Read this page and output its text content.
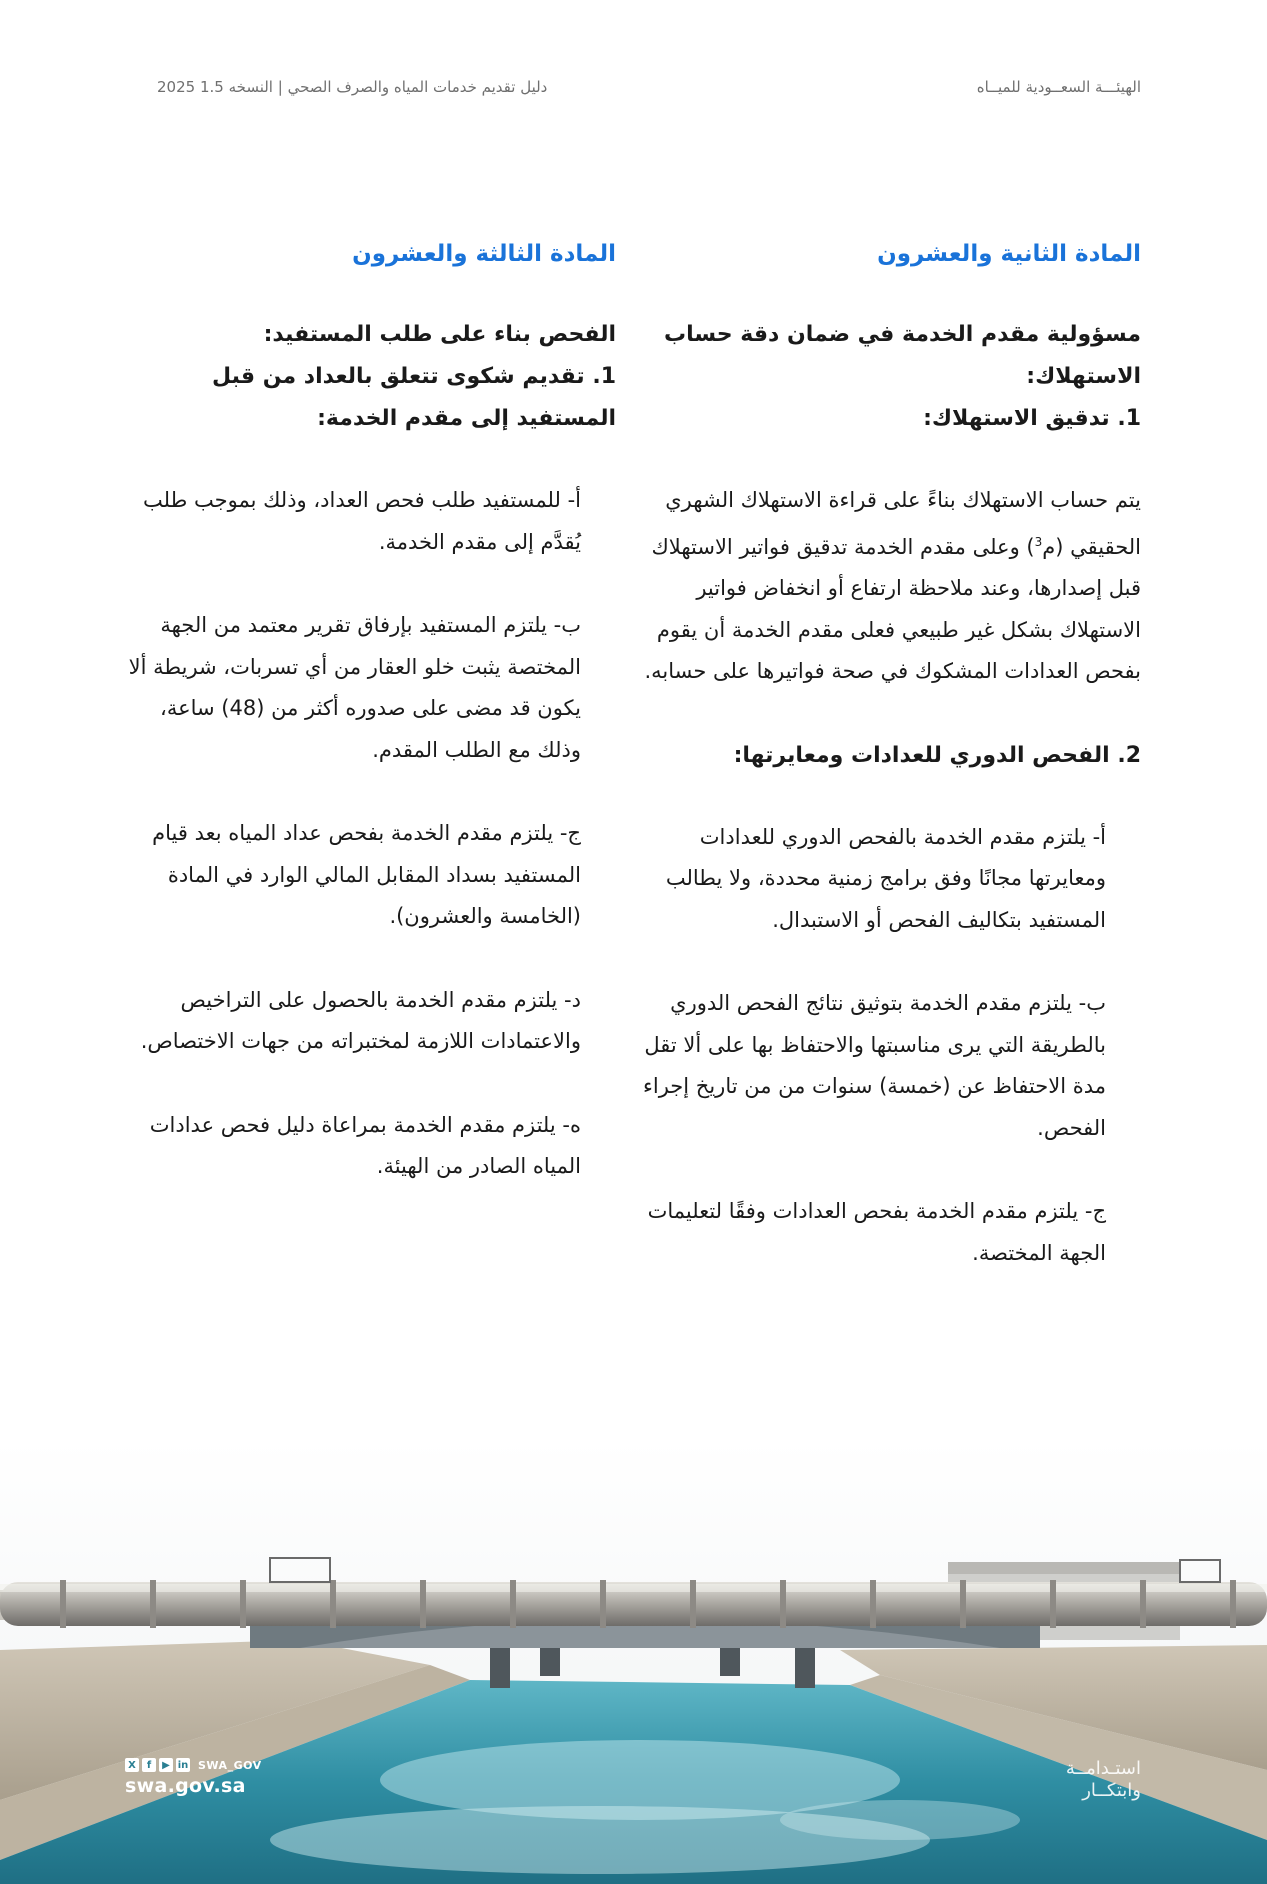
الهيئـــة السعــودية للميــاه
دليل تقديم خدمات المياه والصرف الصحي | النسخه 1.5 2025
المادة الثانية والعشرون

مسؤولية مقدم الخدمة في ضمان دقة حساب الاستهلاك:

1. تدقيق الاستهلاك:

يتم حساب الاستهلاك بناءً على قراءة الاستهلاك الشهري الحقيقي (م$^3$) وعلى مقدم الخدمة تدقيق فواتير الاستهلاك قبل إصدارها، وعند ملاحظة ارتفاع أو انخفاض فواتير الاستهلاك بشكل غير طبيعي فعلى مقدم الخدمة أن يقوم بفحص العدادات المشكوك في صحة فواتيرها على حسابه.

2. الفحص الدوري للعدادات ومعايرتها:

أ- يلتزم مقدم الخدمة بالفحص الدوري للعدادات ومعايرتها مجانًا وفق برامج زمنية محددة، ولا يطالب المستفيد بتكاليف الفحص أو الاستبدال.

ب- يلتزم مقدم الخدمة بتوثيق نتائج الفحص الدوري بالطريقة التي يرى مناسبتها والاحتفاظ بها على ألا تقل مدة الاحتفاظ عن (خمسة) سنوات من من تاريخ إجراء الفحص.

ج- يلتزم مقدم الخدمة بفحص العدادات وفقًا لتعليمات الجهة المختصة.

المادة الثالثة والعشرون

الفحص بناء على طلب المستفيد:

1. تقديم شكوى تتعلق بالعداد من قبل المستفيد إلى مقدم الخدمة:

أ- للمستفيد طلب فحص العداد، وذلك بموجب طلب يُقدَّم إلى مقدم الخدمة.

ب- يلتزم المستفيد بإرفاق تقرير معتمد من الجهة المختصة يثبت خلو العقار من أي تسربات، شريطة ألا يكون قد مضى على صدوره أكثر من (48) ساعة، وذلك مع الطلب المقدم.

ج- يلتزم مقدم الخدمة بفحص عداد المياه بعد قيام المستفيد بسداد المقابل المالي الوارد في المادة (الخامسة والعشرون).

د- يلتزم مقدم الخدمة بالحصول على التراخيص والاعتمادات اللازمة لمختبراته من جهات الاختصاص.

ه- يلتزم مقدم الخدمة بمراعاة دليل فحص عدادات المياه الصادر من الهيئة.

X	f	▶ in SWA_GOV
swa.gov.sa
استـدامــة
وابتكــار
